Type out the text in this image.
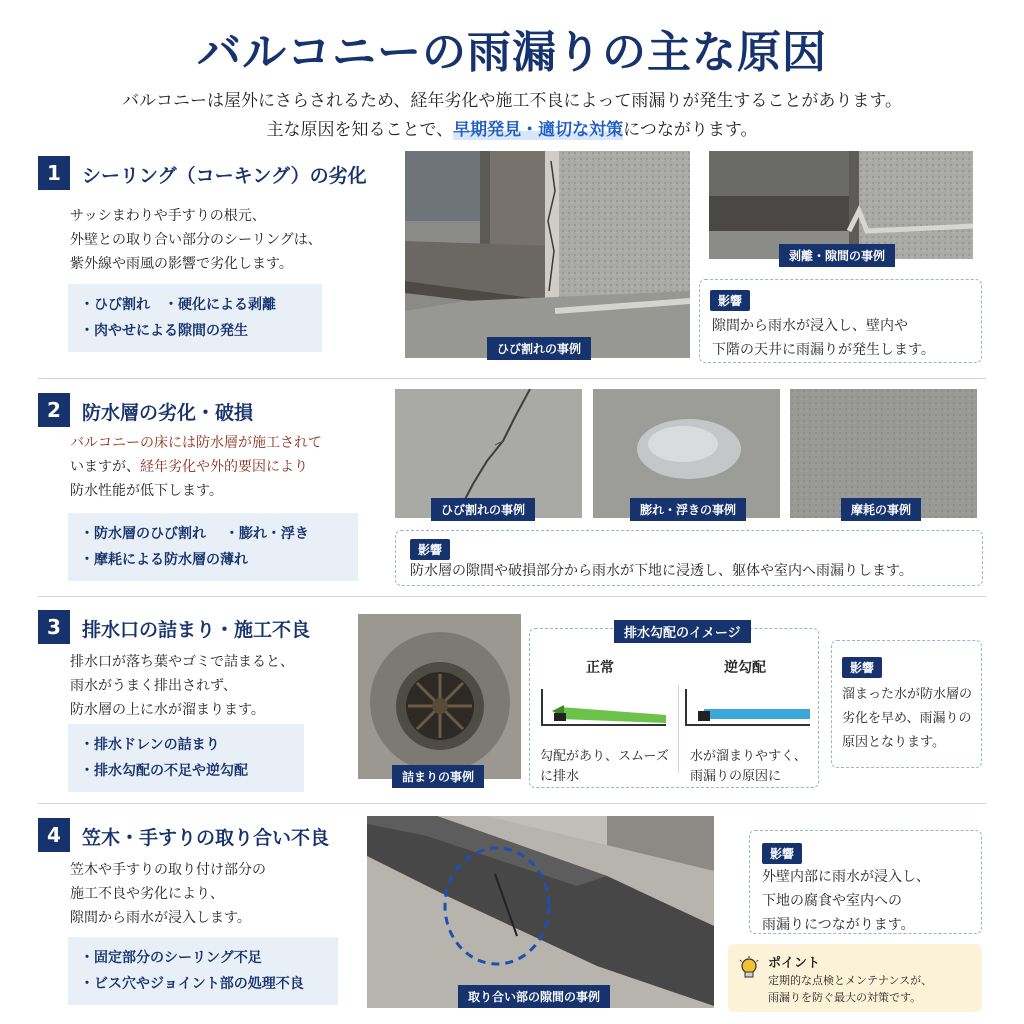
バルコニーの雨漏りの主な原因
バルコニーは屋外にさらされるため、経年劣化や施工不良によって雨漏りが発生することがあります。
主な原因を知ることで、早期発見・適切な対策につながります。
1	シーリング（コーキング）の劣化
サッシまわりや手すりの根元、
外壁との取り合い部分のシーリングは、
紫外線や雨風の影響で劣化します。
・ひび割れ　・硬化による剥離
・肉やせによる隙間の発生
ひび割れの事例
剥離・隙間の事例
影響
隙間から雨水が浸入し、壁内や
下階の天井に雨漏りが発生します。
2	防水層の劣化・破損
バルコニーの床には防水層が施工されて
いますが、経年劣化や外的要因により
防水性能が低下します。
・防水層のひび割れ　 ・膨れ・浮き
・摩耗による防水層の薄れ
ひび割れの事例	膨れ・浮きの事例	摩耗の事例
影響
防水層の隙間や破損部分から雨水が下地に浸透し、躯体や室内へ雨漏りします。
3	排水口の詰まり・施工不良
排水口が落ち葉やゴミで詰まると、
雨水がうまく排出されず、
防水層の上に水が溜まります。
・排水ドレンの詰まり
・排水勾配の不足や逆勾配	詰まりの事例
排水勾配のイメージ
正常	逆勾配
勾配があり、スムーズ
に排水
水が溜まりやすく、
雨漏りの原因に
影響
溜まった水が防水層の
劣化を早め、雨漏りの
原因となります。
4	笠木・手すりの取り合い不良
笠木や手すりの取り付け部分の
施工不良や劣化により、
隙間から雨水が浸入します。
・固定部分のシーリング不足
・ビス穴やジョイント部の処理不良
取り合い部の隙間の事例
影響
外壁内部に雨水が浸入し、
下地の腐食や室内への
雨漏りにつながります。
ポイント
定期的な点検とメンテナンスが、
雨漏りを防ぐ最大の対策です。
